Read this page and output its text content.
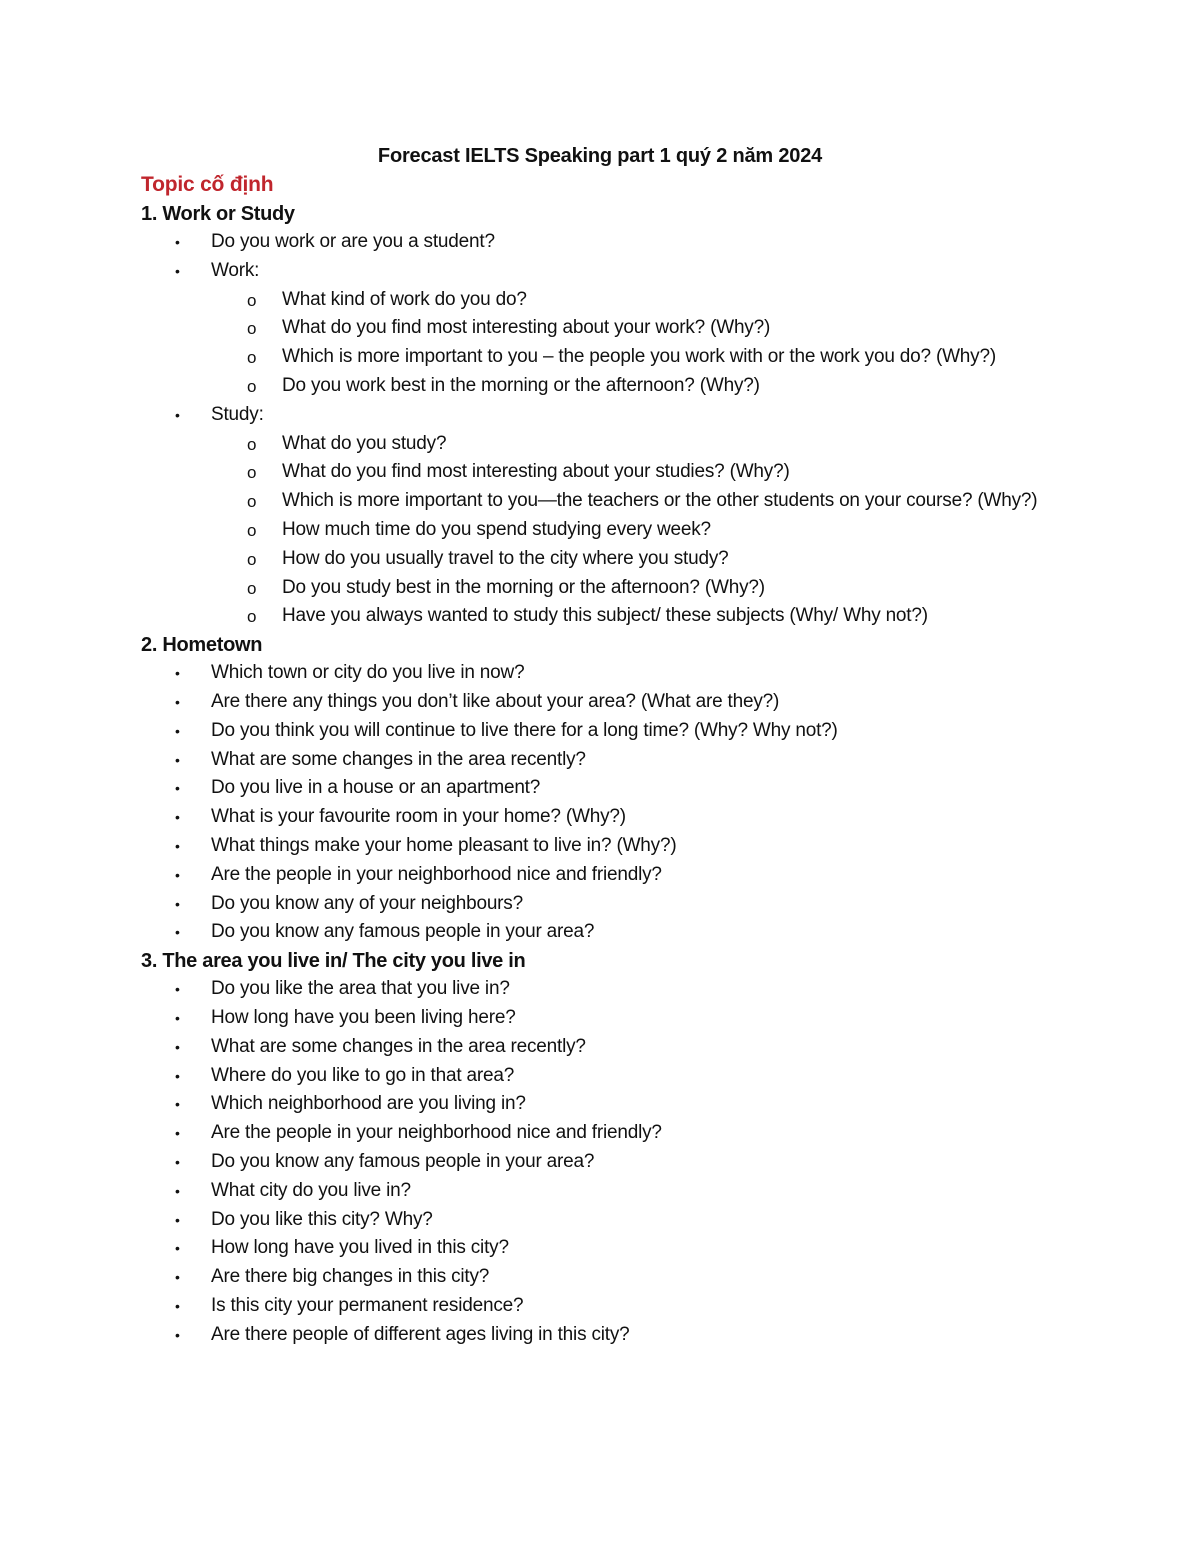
Forecast IELTS Speaking part 1 quý 2 năm 2024
Topic cố định
1. Work or Study
• Do you work or are you a student?
• Work:
o What kind of work do you do?
o What do you find most interesting about your work? (Why?)
o Which is more important to you – the people you work with or the work you do? (Why?)
o Do you work best in the morning or the afternoon? (Why?)
• Study:
o What do you study?
o What do you find most interesting about your studies? (Why?)
o Which is more important to you—the teachers or the other students on your course? (Why?)
o How much time do you spend studying every week?
o How do you usually travel to the city where you study?
o Do you study best in the morning or the afternoon? (Why?)
o Have you always wanted to study this subject/ these subjects (Why/ Why not?)
2. Hometown
• Which town or city do you live in now?
• Are there any things you don’t like about your area? (What are they?)
• Do you think you will continue to live there for a long time? (Why? Why not?)
• What are some changes in the area recently?
• Do you live in a house or an apartment?
• What is your favourite room in your home? (Why?)
• What things make your home pleasant to live in? (Why?)
• Are the people in your neighborhood nice and friendly?
• Do you know any of your neighbours?
• Do you know any famous people in your area?
3. The area you live in/ The city you live in
• Do you like the area that you live in?
• How long have you been living here?
• What are some changes in the area recently?
• Where do you like to go in that area?
• Which neighborhood are you living in?
• Are the people in your neighborhood nice and friendly?
• Do you know any famous people in your area?
• What city do you live in?
• Do you like this city? Why?
• How long have you lived in this city?
• Are there big changes in this city?
• Is this city your permanent residence?
• Are there people of different ages living in this city?
